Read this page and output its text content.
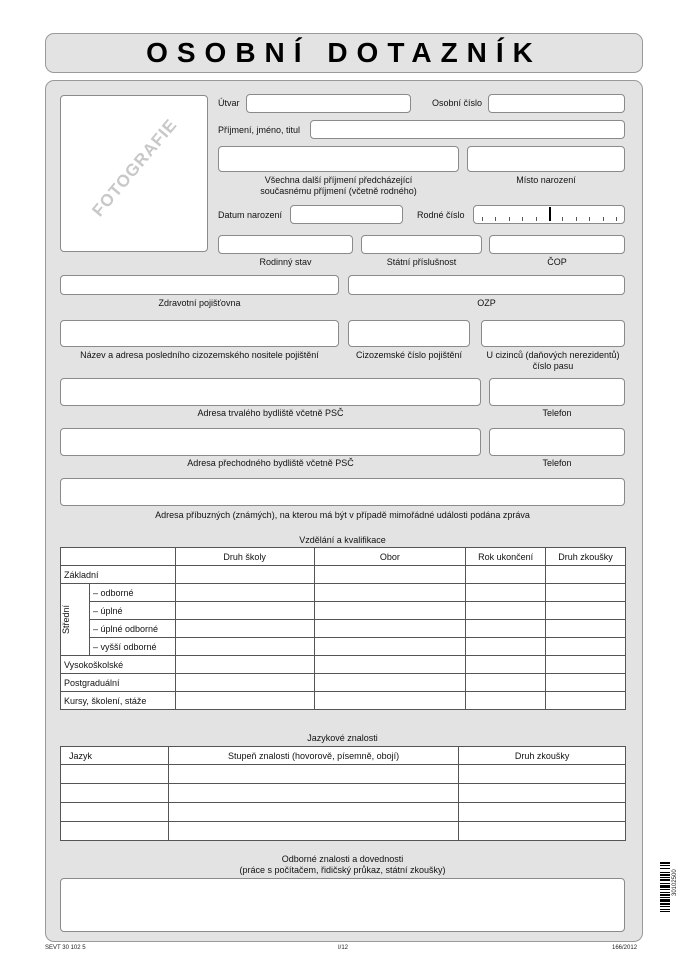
OSOBNÍ DOTAZNÍK
FOTOGRAFIE
Útvar	Osobní číslo
Příjmení, jméno, titul
Všechna další příjmení předcházející současnému příjmení (včetně rodného)
Místo narození
Datum narození	Rodné číslo
Rodinný stav	Státní příslušnost	ČOP
Zdravotní pojišťovna	OZP
Název a adresa posledního cizozemského nositele pojištění	Cizozemské číslo pojištění	U cizinců (daňových nerezidentů) číslo pasu
Adresa trvalého bydliště včetně PSČ	Telefon
Adresa přechodného bydliště včetně PSČ	Telefon
Adresa příbuzných (známých), na kterou má být v případě mimořádné události podána zpráva
Vzdělání a kvalifikace
		Druh školy	Obor	Rok ukončení	Druh zkoušky
Základní					

Střední	– odborné				
	– úplné				
	– úplné odborné				
	– vyšší odborné				
Vysokoškolské					
Postgraduální					
Kursy, školení, stáže					
Jazykové znalosti
Jazyk	Stupeň znalosti (hovorově, písemně, obojí)	Druh zkoušky

Odborné znalosti a dovednosti
(práce s počítačem, řidičský průkaz, státní zkoušky)
SEVT 30 102 5	I/12	166/2012
30102500
